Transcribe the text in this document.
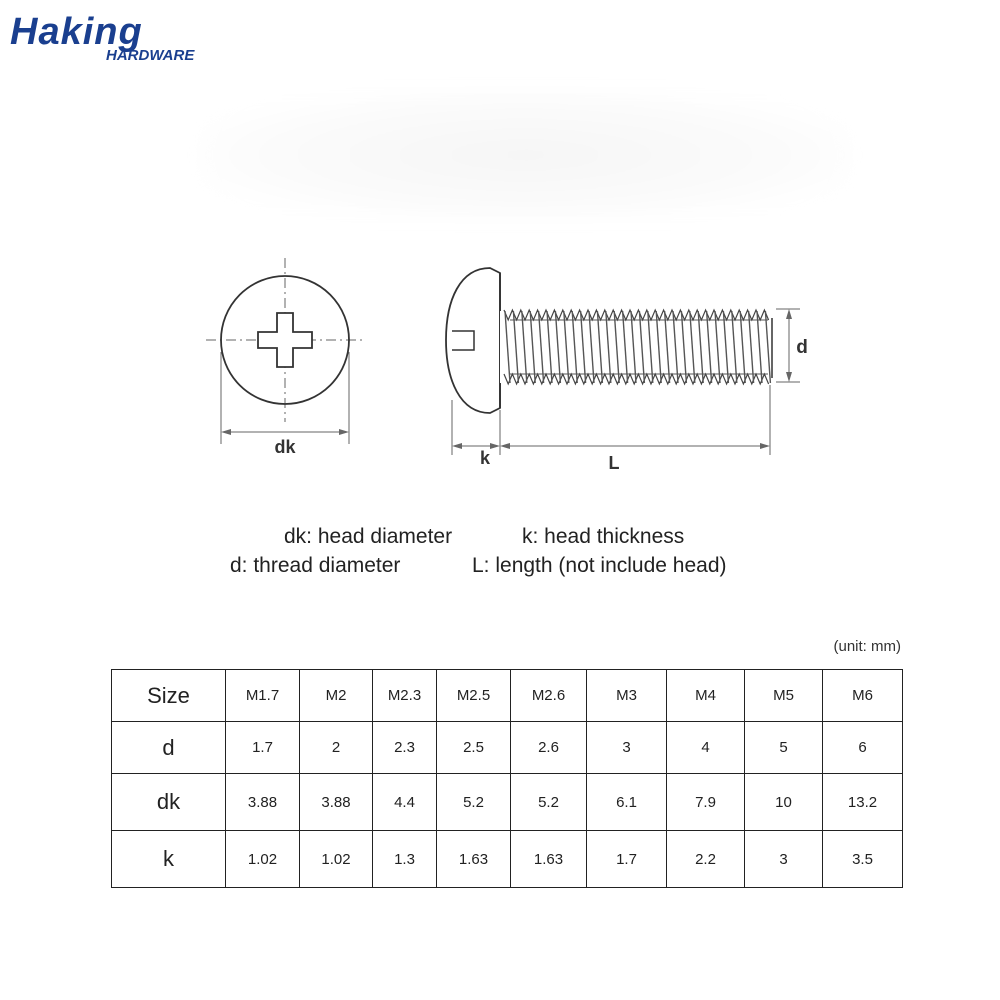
Haking
HARDWARE
dk
k	L
d
dk: head diameter	k: head thickness
d: thread diameter	L: length (not include head)
(unit: mm)
Size	M1.7	M2	M2.3	M2.5	M2.6	M3	M4	M5	M6
d	1.7	2	2.3	2.5	2.6	3	4	5	6
dk	3.88	3.88	4.4	5.2	5.2	6.1	7.9	10	13.2
k	1.02	1.02	1.3	1.63	1.63	1.7	2.2	3	3.5
